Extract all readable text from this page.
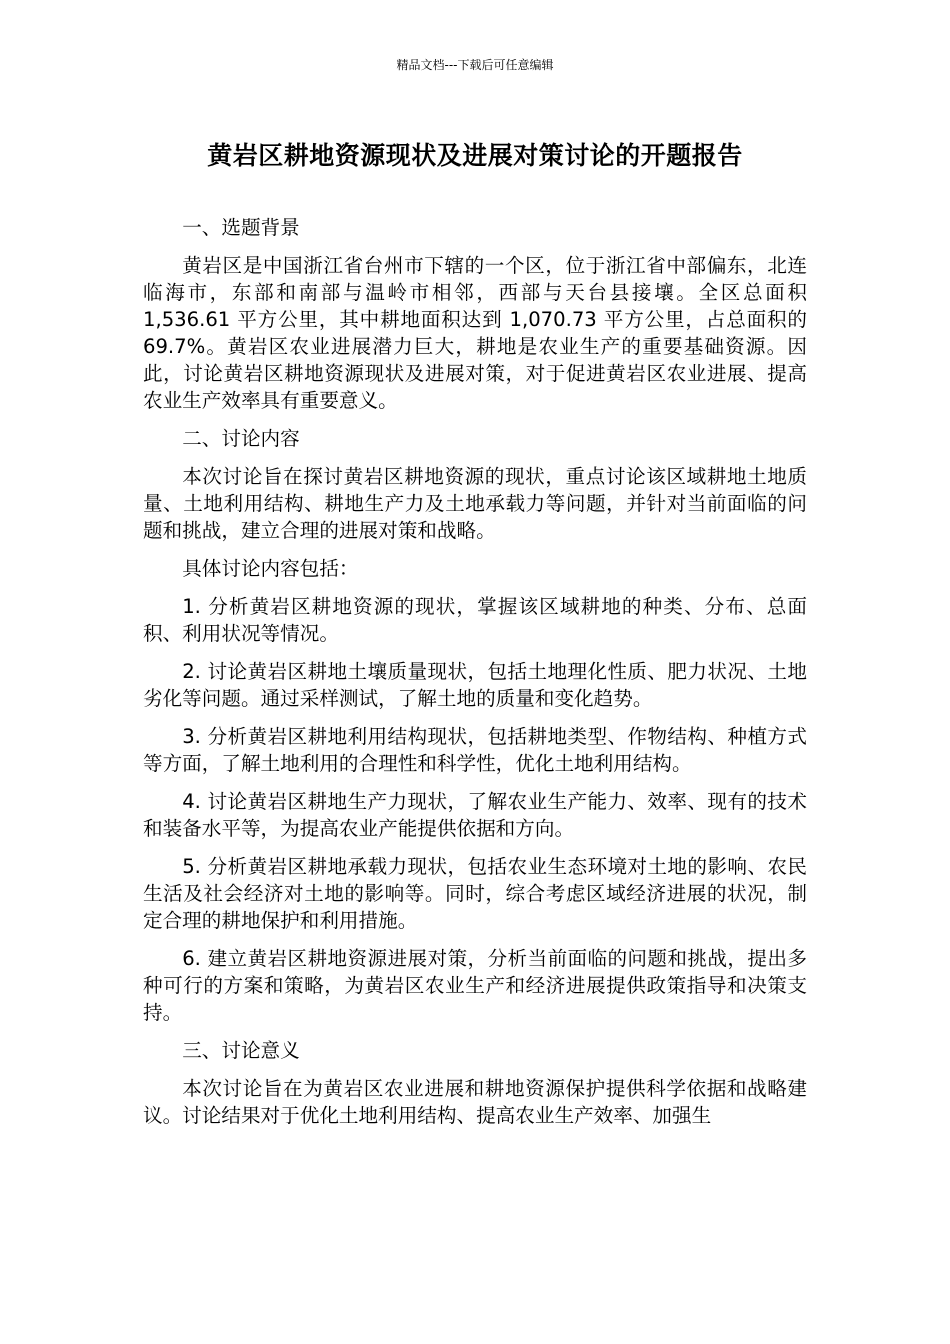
精品文档---下载后可任意编辑
黄岩区耕地资源现状及进展对策讨论的开题报告

一、选题背景

黄岩区是中国浙江省台州市下辖的一个区，位于浙江省中部偏东，北连临海市，东部和南部与温岭市相邻，西部与天台县接壤。全区总面积 1,536.61 平方公里，其中耕地面积达到 1,070.73 平方公里，占总面积的 69.7%。黄岩区农业进展潜力巨大，耕地是农业生产的重要基础资源。因此，讨论黄岩区耕地资源现状及进展对策，对于促进黄岩区农业进展、提高农业生产效率具有重要意义。

二、讨论内容

本次讨论旨在探讨黄岩区耕地资源的现状，重点讨论该区域耕地土地质量、土地利用结构、耕地生产力及土地承载力等问题，并针对当前面临的问题和挑战，建立合理的进展对策和战略。

具体讨论内容包括：

1. 分析黄岩区耕地资源的现状，掌握该区域耕地的种类、分布、总面积、利用状况等情况。

2. 讨论黄岩区耕地土壤质量现状，包括土地理化性质、肥力状况、土地劣化等问题。通过采样测试，了解土地的质量和变化趋势。

3. 分析黄岩区耕地利用结构现状，包括耕地类型、作物结构、种植方式等方面，了解土地利用的合理性和科学性，优化土地利用结构。

4. 讨论黄岩区耕地生产力现状，了解农业生产能力、效率、现有的技术和装备水平等，为提高农业产能提供依据和方向。

5. 分析黄岩区耕地承载力现状，包括农业生态环境对土地的影响、农民生活及社会经济对土地的影响等。同时，综合考虑区域经济进展的状况，制定合理的耕地保护和利用措施。

6. 建立黄岩区耕地资源进展对策，分析当前面临的问题和挑战，提出多种可行的方案和策略，为黄岩区农业生产和经济进展提供政策指导和决策支持。

三、讨论意义

本次讨论旨在为黄岩区农业进展和耕地资源保护提供科学依据和战略建议。讨论结果对于优化土地利用结构、提高农业生产效率、加强生
